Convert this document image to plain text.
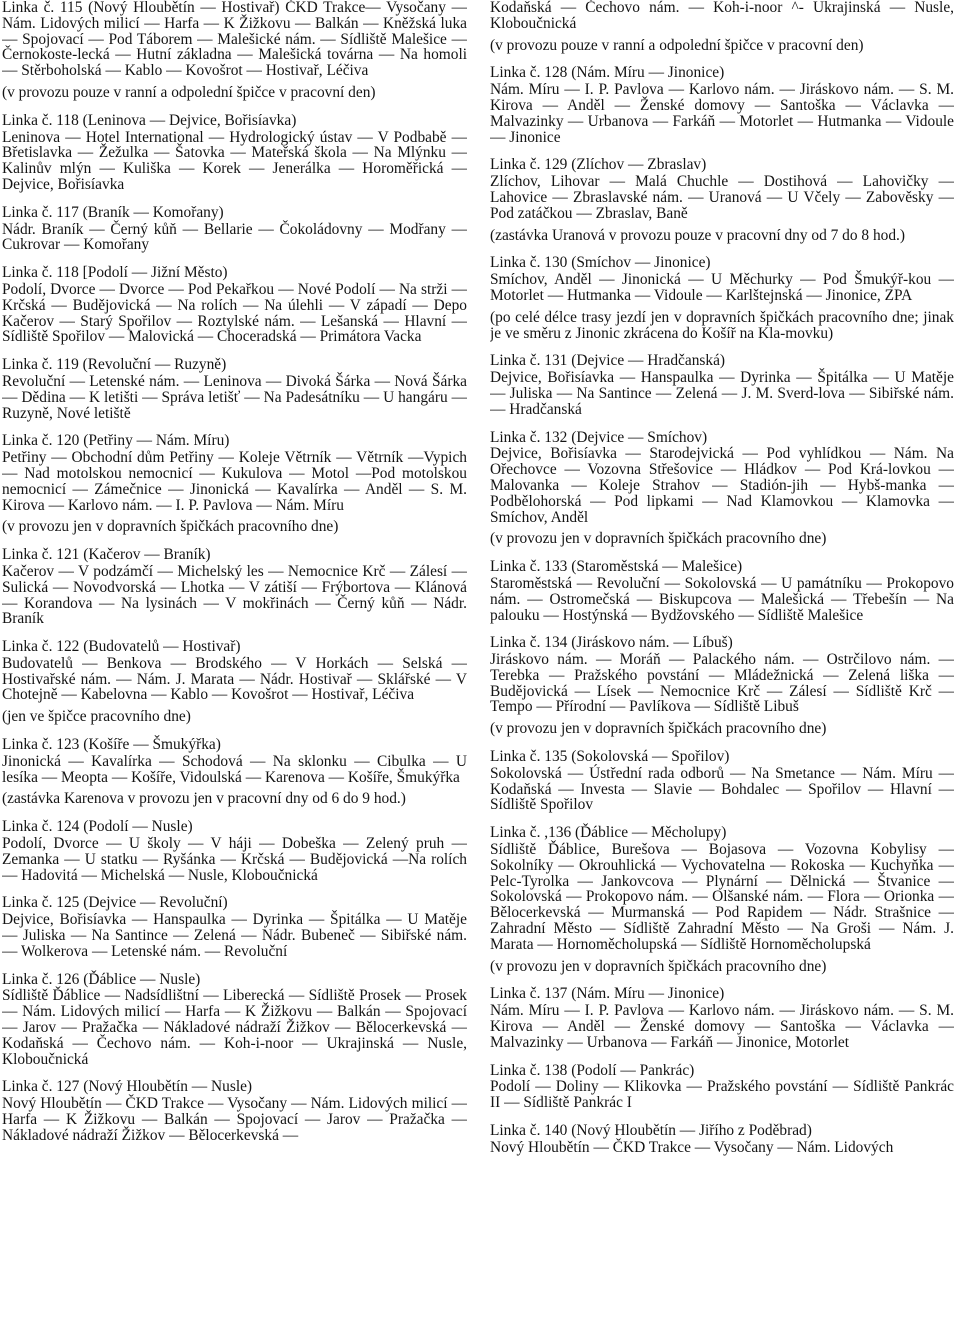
Linka č. 115 (Nový Hloubětín — Hostivař) ČKD Trakce— Vysočany — Nám. Lidových milicí — Harfa — K Žižkovu — Balkán — Kněžská luka — Spojovací — Pod Táborem — Malešické nám. — Sídliště Malešice — Černokoste-lecká — Hutní základna — Malešická továrna — Na homoli — Stěrboholská — Kablo — Kovošrot — Hostivař, Léčiva
(v provozu pouze v ranní a odpolední špičce v pracovní den)
Linka č. 118 (Leninova — Dejvice, Bořisíavka)
Leninova — Hotel International — Hydrologický ústav — V Podbabě — Břetislavka — Žežulka — Šatovka — Mateřská škola — Na Mlýnku — Kalinův mlýn — Kuliška — Korek — Jenerálka — Horoměřická — Dejvice, Bořisíavka
Linka č. 117 (Braník — Komořany)
Nádr. Braník — Černý kůň — Bellarie — Čokoládovny — Modřany — Cukrovar — Komořany
Linka č. 118 [Podolí — Jižní Město)
Podolí, Dvorce — Dvorce — Pod Pekařkou — Nové Podolí — Na strži — Krčská — Budějovická — Na rolích — Na úlehli — V západí — Depo Kačerov — Starý Spořilov — Roztylské nám. — Lešanská — Hlavní — Sídliště Spořilov — Malovická — Choceradská — Primátora Vacka
Linka č. 119 (Revoluční — Ruzyně)
Revoluční — Letenské nám. — Leninova — Divoká Šárka — Nová Šárka — Dědina — K letišti — Správa letišť — Na Padesátníku — U hangáru — Ruzyně, Nové letiště
Linka č. 120 (Petřiny — Nám. Míru)
Petřiny — Obchodní dům Petřiny — Koleje Větrník — Větrník —Vypich — Nad motolskou nemocnicí — Kukulova — Motol —Pod motolskou nemocnicí — Zámečnice — Jinonická — Kavalírka — Anděl — S. M. Kirova — Karlovo nám. — I. P. Pavlova — Nám. Míru
(v provozu jen v dopravních špičkách pracovního dne)
Linka č. 121 (Kačerov — Braník)
Kačerov — V podzámčí — Michelský les — Nemocnice Krč — Zálesí — Sulická — Novodvorská — Lhotka — V zátiší — Frýbortova — Klánová — Korandova — Na lysinách — V mokřinách — Černý kůň — Nádr. Braník
Linka č. 122 (Budovatelů — Hostivař)
Budovatelů — Benkova — Brodského — V Horkách — Selská — Hostivařské nám. — Nám. J. Marata — Nádr. Hostivař — Sklářské — V Chotejně — Kabelovna — Kablo — Kovošrot — Hostivař, Léčiva
(jen ve špičce pracovního dne)
Linka č. 123 (Košíře — Šmukýřka)
Jinonická — Kavalírka — Schodová — Na sklonku — Cibulka — U lesíka — Meopta — Košíře, Vidoulská — Karenova — Košíře, Šmukýřka
(zastávka Karenova v provozu jen v pracovní dny od 6 do 9 hod.)
Linka č. 124 (Podolí — Nusle)
Podolí, Dvorce — U školy — V háji — Dobeška — Zelený pruh —Zemanka — U statku — Ryšánka — Krčská — Budějovická —Na rolích — Hadovitá — Michelská — Nusle, Kloboučnická
Linka č. 125 (Dejvice — Revoluční)
Dejvice, Bořisíavka — Hanspaulka — Dyrinka — Špitálka — U Matěje — Juliska — Na Santince — Zelená — Nádr. Bubeneč — Sibiřské nám. — Wolkerova — Letenské nám. — Revoluční
Linka č. 126 (Ďáblice — Nusle)
Sídliště Ďáblice — Nadsídlištní — Liberecká — Sídliště Prosek — Prosek — Nám. Lidových milicí — Harfa — K Žižkovu — Balkán — Spojovací — Jarov — Pražačka — Nákladové nádraží Žižkov — Bělocerkevská — Kodaňská — Čechovo nám. — Koh-i-noor — Ukrajinská — Nusle, Kloboučnická
Linka č. 127 (Nový Hloubětín — Nusle)
Nový Hloubětín — ČKD Trakce — Vysočany — Nám. Lidových milicí — Harfa — K Žižkovu — Balkán — Spojovací — Jarov — Pražačka — Nákladové nádraží Žižkov — Bělocerkevská —
Kodaňská — Čechovo nám. — Koh-i-noor ^- Ukrajinská — Nusle, Kloboučnická
(v provozu pouze v ranní a odpolední špičce v pracovní den)
Linka č. 128 (Nám. Míru — Jinonice)
Nám. Míru — I. P. Pavlova — Karlovo nám. — Jiráskovo nám. — S. M. Kirova — Anděl — Ženské domovy — Santoška — Václavka — Malvazinky — Urbanova — Farkáň — Motorlet — Hutmanka — Vidoule — Jinonice
Linka č. 129 (Zlíchov — Zbraslav)
Zlíchov, Lihovar — Malá Chuchle — Dostihová — Lahovičky — Lahovice — Zbraslavské nám. — Uranová — U Včely — Zabověsky — Pod zatáčkou — Zbraslav, Baně
(zastávka Uranová v provozu pouze v pracovní dny od 7 do 8 hod.)
Linka č. 130 (Smíchov — Jinonice)
Smíchov, Anděl — Jinonická — U Měchurky — Pod Šmukýř-kou — Motorlet — Hutmanka — Vidoule — Karlštejnská — Jinonice, ZPA
(po celé délce trasy jezdí jen v dopravních špičkách pracovního dne; jinak je ve směru z Jinonic zkrácena do Košíř na Kla-movku)
Linka č. 131 (Dejvice — Hradčanská)
Dejvice, Bořisíavka — Hanspaulka — Dyrinka — Špitálka — U Matěje — Juliska — Na Santince — Zelená — J. M. Sverd-lova — Sibiřské nám. — Hradčanská
Linka č. 132 (Dejvice — Smíchov)
Dejvice, Bořisíavka — Starodejvická — Pod vyhlídkou — Nám. Na Ořechovce — Vozovna Střešovice — Hládkov — Pod Krá-lovkou — Malovanka — Koleje Strahov — Stadión-jih — Hybš-manka — Podbělohorská — Pod lipkami — Nad Klamovkou — Klamovka — Smíchov, Anděl
(v provozu jen v dopravních špičkách pracovního dne)
Linka č. 133 (Staroměstská — Malešice)
Staroměstská — Revoluční — Sokolovská — U památníku — Prokopovo nám. — Ostromečská — Biskupcova — Malešická — Třebešín — Na palouku — Hostýnská — Bydžovského — Sídliště Malešice
Linka č. 134 (Jiráskovo nám. — Líbuš)
Jiráskovo nám. — Moráň — Palackého nám. — Ostrčilovo nám. — Terebka — Pražského povstání — Mládežnická — Zelená liška — Budějovická — Lísek — Nemocnice Krč — Zálesí — Sídliště Krč — Tempo — Přírodní — Pavlíkova — Sídliště Libuš
(v provozu jen v dopravních špičkách pracovního dne)
Linka č. 135 (Sokolovská — Spořilov)
Sokolovská — Ústřední rada odborů — Na Smetance — Nám. Míru — Kodaňská — Investa — Slavie — Bohdalec — Spořilov — Hlavní — Sídliště Spořilov
Linka č. ,136 (Ďáblice — Měcholupy)
Sídliště Ďáblice, Burešova — Bojasova — Vozovna Kobylisy — Sokolníky — Okrouhlická — Vychovatelna — Rokoska — Kuchyňka — Pelc-Tyrolka — Jankovcova — Plynární — Dělnická — Štvanice — Sokolovská — Prokopovo nám. — Olšanské nám. — Flora — Orionka — Bělocerkevská — Murmanská — Pod Rapidem — Nádr. Strašnice — Zahradní Město — Sídliště Zahradní Město — Na Groši — Nám. J. Marata — Hornoměcholupská — Sídliště Hornoměcholupská
(v provozu jen v dopravních špičkách pracovního dne)
Linka č. 137 (Nám. Míru — Jinonice)
Nám. Míru — I. P. Pavlova — Karlovo nám. — Jiráskovo nám. — S. M. Kirova — Anděl — Ženské domovy — Santoška — Václavka — Malvazinky — Urbanova — Farkáň — Jinonice, Motorlet
Linka č. 138 (Podolí — Pankrác)
Podolí — Doliny — Klikovka — Pražského povstání — Sídliště Pankrác II — Sídliště Pankrác I
Linka č. 140 (Nový Hloubětín — Jiřího z Poděbrad)
Nový Hloubětín — ČKD Trakce — Vysočany — Nám. Lidových
